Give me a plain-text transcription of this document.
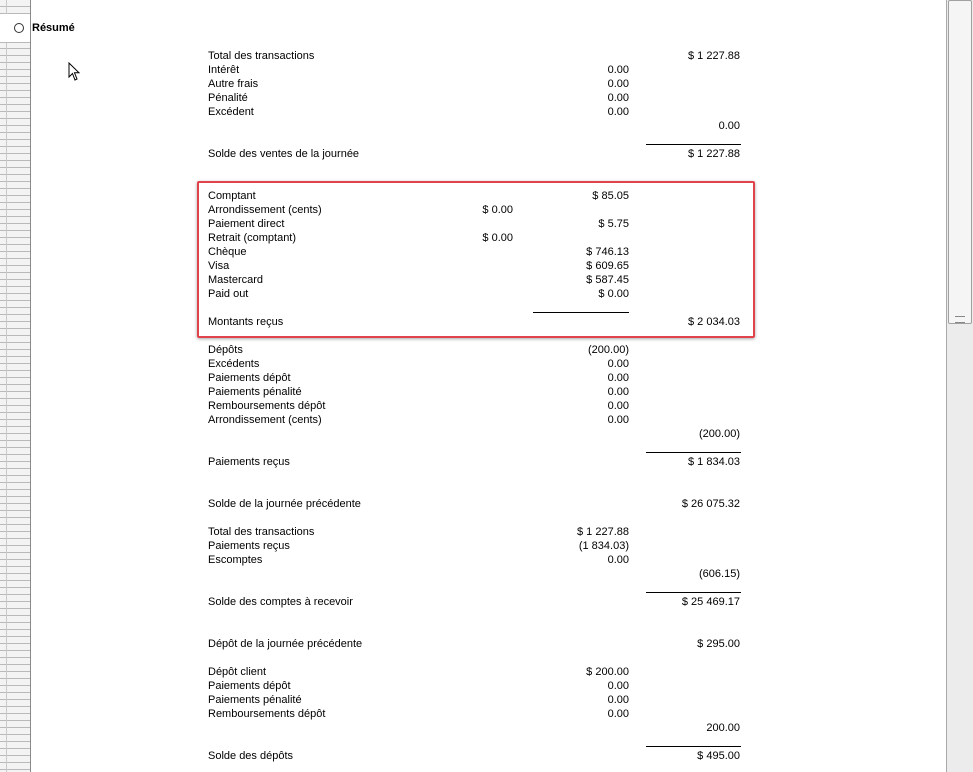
Résumé
Total des transactions	$ 1 227.88
Intérêt	0.00
Autre frais	0.00
Pénalité	0.00
Excédent	0.00
0.00
Solde des ventes de la journée	$ 1 227.88
Comptant	$ 85.05
Arrondissement (cents)	$ 0.00
Paiement direct	$ 5.75
Retrait (comptant)	$ 0.00
Chèque	$ 746.13
Visa	$ 609.65
Mastercard	$ 587.45
Paid out	$ 0.00
Montants reçus	$ 2 034.03
Dépôts	(200.00)
Excédents	0.00
Paiements dépôt	0.00
Paiements pénalité	0.00
Remboursements dépôt	0.00
Arrondissement (cents)	0.00
(200.00)
Paiements reçus	$ 1 834.03
Solde de la journée précédente	$ 26 075.32
Total des transactions	$ 1 227.88
Paiements reçus	(1 834.03)
Escomptes	0.00
(606.15)
Solde des comptes à recevoir	$ 25 469.17
Dépôt de la journée précédente	$ 295.00
Dépôt client	$ 200.00
Paiements dépôt	0.00
Paiements pénalité	0.00
Remboursements dépôt	0.00
200.00
Solde des dépôts	$ 495.00
